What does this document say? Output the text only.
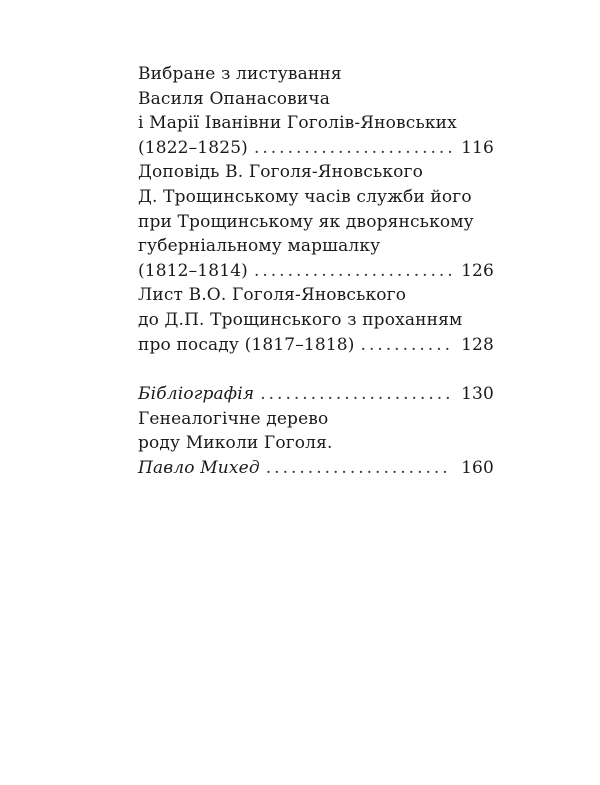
Вибране з листування
Василя Опанасовича
і Марії Іванівни Гоголів-Яновських
(1822–1825) . . .	116
Доповідь В. Гоголя-Яновського
Д. Трощинському часів служби його
при Трощинському як дворянському
губерніальному маршалку
(1812–1814) . . .	126
Лист В.О. Гоголя-Яновського
до Д.П. Трощинського з проханням
про посаду (1817–1818) . . .	128
Бібліографія . . .	130
Генеалогічне дерево
роду Миколи Гоголя.
Павло Михед . . .	160
